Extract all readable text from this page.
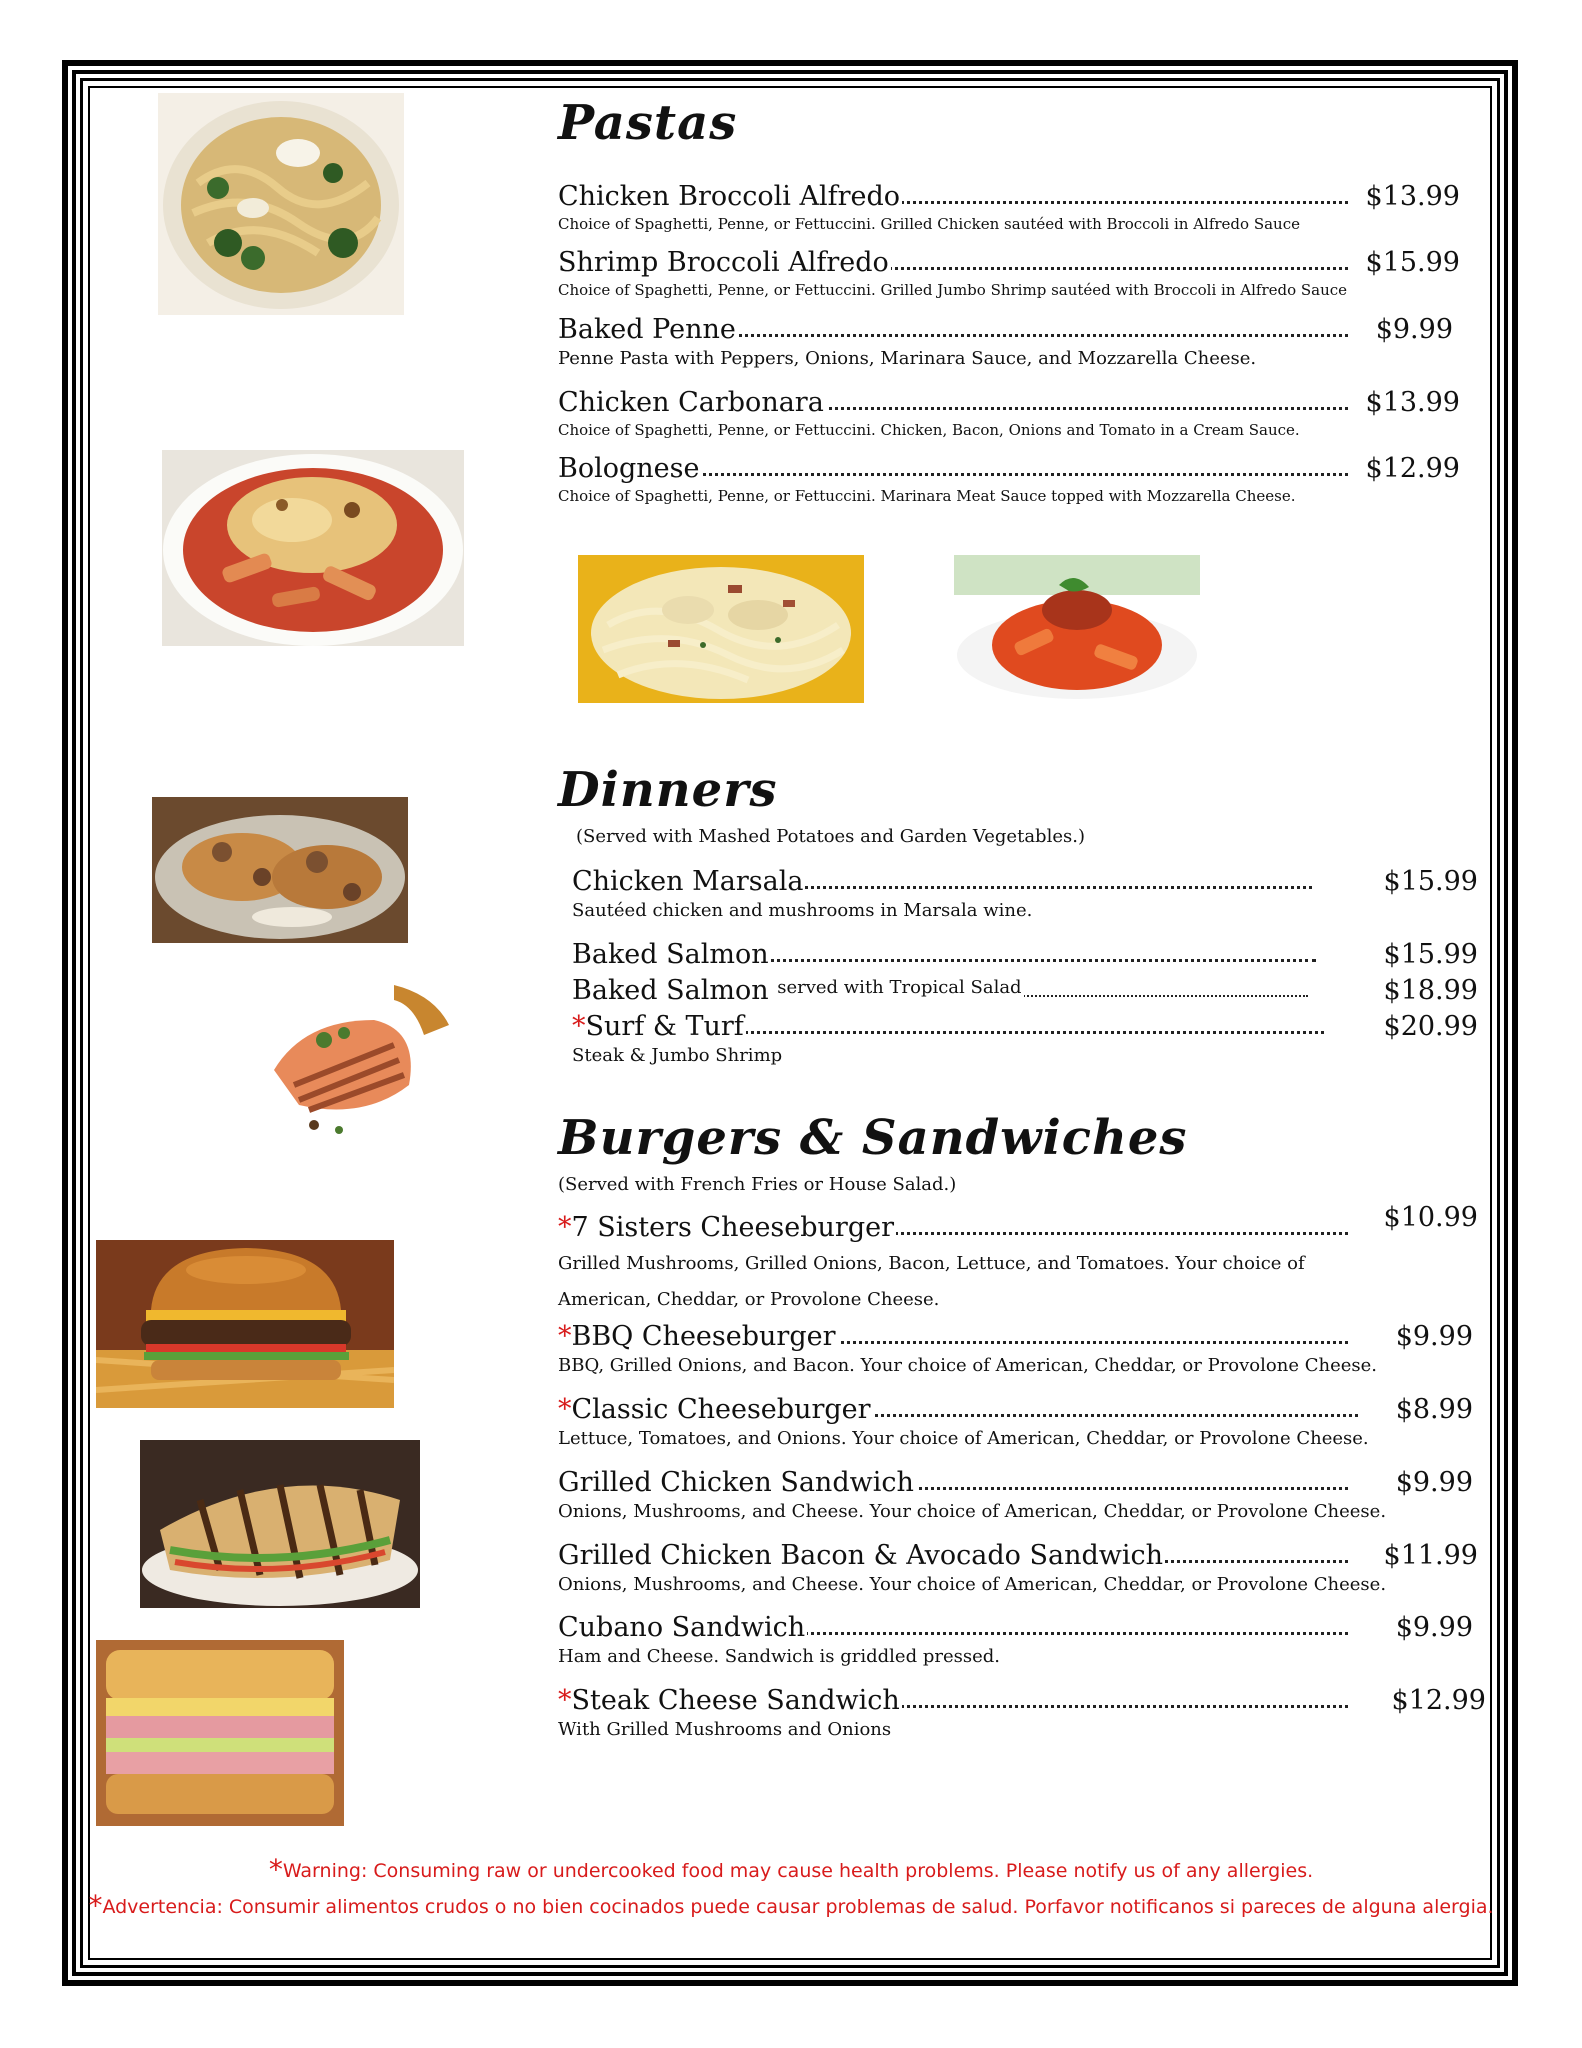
Pastas
Chicken Broccoli Alfredo	$13.99
Choice of Spaghetti, Penne, or Fettuccini. Grilled Chicken sautéed with Broccoli in Alfredo Sauce
Shrimp Broccoli Alfredo	$15.99
Choice of Spaghetti, Penne, or Fettuccini. Grilled Jumbo Shrimp sautéed with Broccoli in Alfredo Sauce
Baked Penne	$9.99
Penne Pasta with Peppers, Onions, Marinara Sauce, and Mozzarella Cheese.
Chicken Carbonara	$13.99
Choice of Spaghetti, Penne, or Fettuccini. Chicken, Bacon, Onions and Tomato in a Cream Sauce.
Bolognese	$12.99
Choice of Spaghetti, Penne, or Fettuccini. Marinara Meat Sauce topped with Mozzarella Cheese.
Dinners
(Served with Mashed Potatoes and Garden Vegetables.)
Chicken Marsala	$15.99
Sautéed chicken and mushrooms in Marsala wine.
Baked Salmon	$15.99
Baked Salmon $^{served with Tropical Salad}$	$18.99
*Surf & Turf	$20.99
Steak & Jumbo Shrimp
Burgers & Sandwiches
(Served with French Fries or House Salad.)
*7 Sisters Cheeseburger	$10.99
Grilled Mushrooms, Grilled Onions, Bacon, Lettuce, and Tomatoes. Your choice of American, Cheddar, or Provolone Cheese.
*BBQ Cheeseburger	$9.99
BBQ, Grilled Onions, and Bacon. Your choice of American, Cheddar, or Provolone Cheese.
*Classic Cheeseburger	$8.99
Lettuce, Tomatoes, and Onions. Your choice of American, Cheddar, or Provolone Cheese.
Grilled Chicken Sandwich	$9.99
Onions, Mushrooms, and Cheese. Your choice of American, Cheddar, or Provolone Cheese.
Grilled Chicken Bacon & Avocado Sandwich	$11.99
Onions, Mushrooms, and Cheese. Your choice of American, Cheddar, or Provolone Cheese.
Cubano Sandwich	$9.99
Ham and Cheese. Sandwich is griddled pressed.
*Steak Cheese Sandwich	$12.99
With Grilled Mushrooms and Onions
*Warning: Consuming raw or undercooked food may cause health problems. Please notify us of any allergies.
*Advertencia: Consumir alimentos crudos o no bien cocinados puede causar problemas de salud. Porfavor notificanos si pareces de alguna alergia.
